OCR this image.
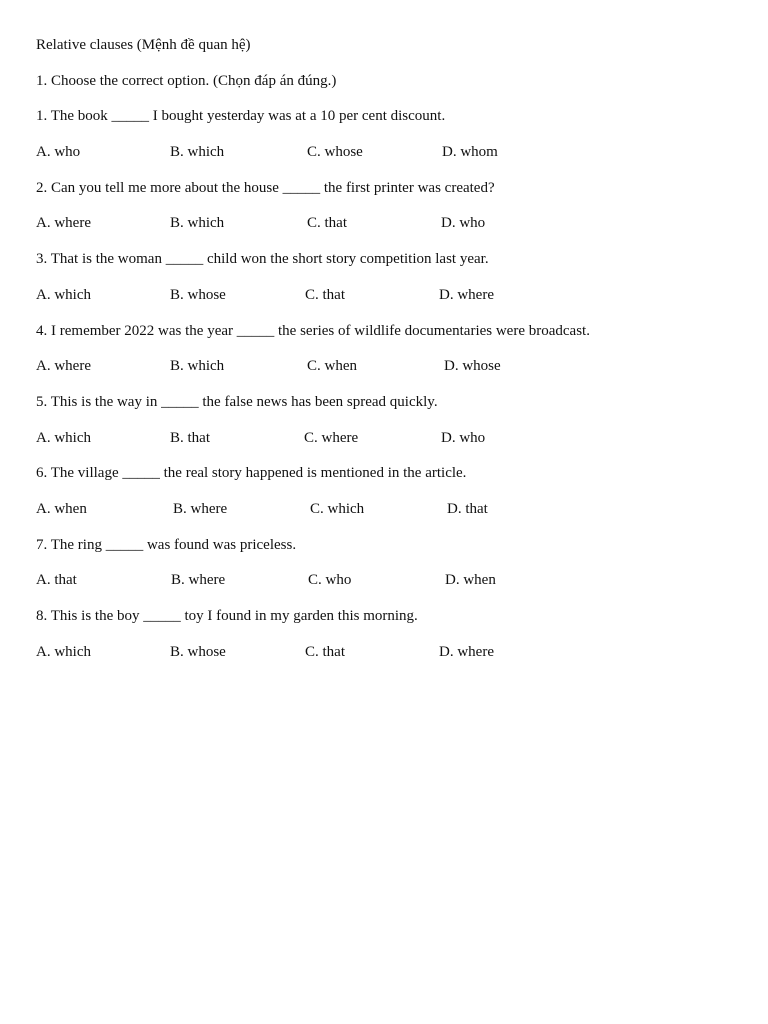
Relative clauses (Mệnh đề quan hệ)
1. Choose the correct option. (Chọn đáp án đúng.)
1. The book _____ I bought yesterday was at a 10 per cent discount.
A. who	B. which	C. whose	D. whom
2. Can you tell me more about the house _____ the first printer was created?
A. where	B. which	C. that	D. who
3. That is the woman _____ child won the short story competition last year.
A. which	B. whose	C. that	D. where
4. I remember 2022 was the year _____ the series of wildlife documentaries were broadcast.
A. where	B. which	C. when	D. whose
5. This is the way in _____ the false news has been spread quickly.
A. which	B. that	C. where	D. who
6. The village _____ the real story happened is mentioned in the article.
A. when	B. where	C. which	D. that
7. The ring _____ was found was priceless.
A. that	B. where	C. who	D. when
8. This is the boy _____ toy I found in my garden this morning.
A. which	B. whose	C. that	D. where
